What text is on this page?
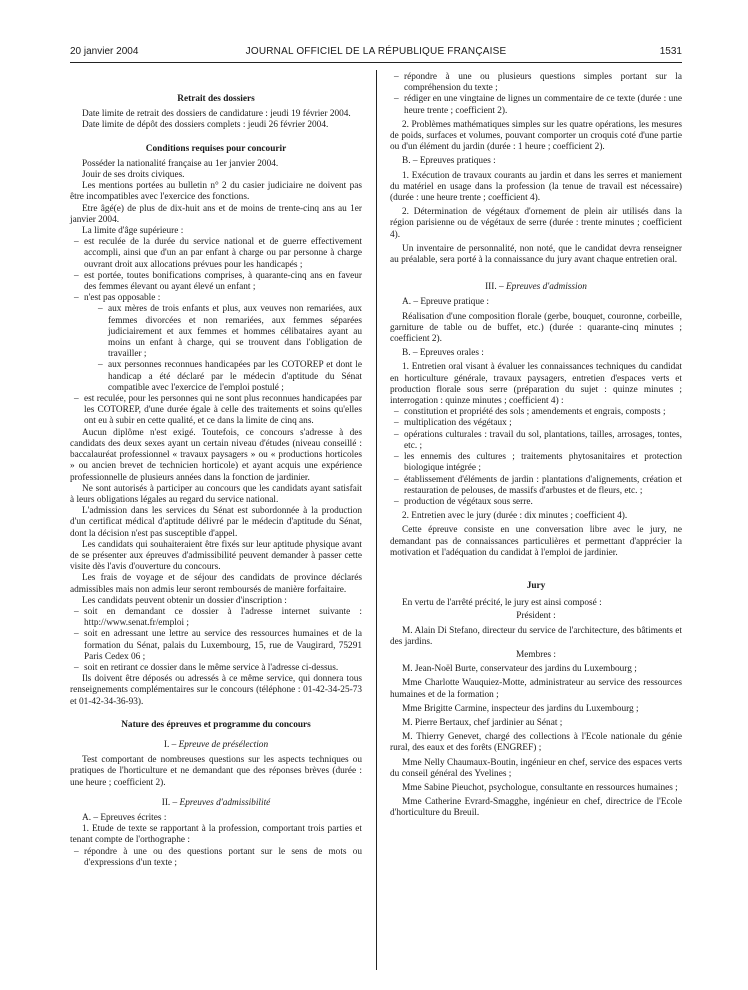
20 janvier 2004	JOURNAL OFFICIEL DE LA RÉPUBLIQUE FRANÇAISE	1531
Retrait des dossiers

Date limite de retrait des dossiers de candidature : jeudi 19 février 2004.

Date limite de dépôt des dossiers complets : jeudi 26 février 2004.

Conditions requises pour concourir

Posséder la nationalité française au 1er janvier 2004.

Jouir de ses droits civiques.

Les mentions portées au bulletin n° 2 du casier judiciaire ne doivent pas être incompatibles avec l'exercice des fonctions.

Etre âgé(e) de plus de dix-huit ans et de moins de trente-cinq ans au 1er janvier 2004.

La limite d'âge supérieure :

– est reculée de la durée du service national et de guerre effectivement accompli, ainsi que d'un an par enfant à charge ou par personne à charge ouvrant droit aux allocations prévues pour les handicapés ;
– est portée, toutes bonifications comprises, à quarante-cinq ans en faveur des femmes élevant ou ayant élevé un enfant ;
– n'est pas opposable :
– aux mères de trois enfants et plus, aux veuves non remariées, aux femmes divorcées et non remariées, aux femmes séparées judiciairement et aux femmes et hommes célibataires ayant au moins un enfant à charge, qui se trouvent dans l'obligation de travailler ;
– aux personnes reconnues handicapées par les COTOREP et dont le handicap a été déclaré par le médecin d'aptitude du Sénat compatible avec l'exercice de l'emploi postulé ;
– est reculée, pour les personnes qui ne sont plus reconnues handicapées par les COTOREP, d'une durée égale à celle des traitements et soins qu'elles ont eu à subir en cette qualité, et ce dans la limite de cinq ans.

Aucun diplôme n'est exigé. Toutefois, ce concours s'adresse à des candidats des deux sexes ayant un certain niveau d'études (niveau conseillé : baccalauréat professionnel « travaux paysagers » ou « productions horticoles » ou ancien brevet de technicien horticole) et ayant acquis une expérience professionnelle de plusieurs années dans la fonction de jardinier.

Ne sont autorisés à participer au concours que les candidats ayant satisfait à leurs obligations légales au regard du service national.

L'admission dans les services du Sénat est subordonnée à la production d'un certificat médical d'aptitude délivré par le médecin d'aptitude du Sénat, dont la décision n'est pas susceptible d'appel.

Les candidats qui souhaiteraient être fixés sur leur aptitude physique avant de se présenter aux épreuves d'admissibilité peuvent demander à passer cette visite dès l'avis d'ouverture du concours.

Les frais de voyage et de séjour des candidats de province déclarés admissibles mais non admis leur seront remboursés de manière forfaitaire.

Les candidats peuvent obtenir un dossier d'inscription :

– soit en demandant ce dossier à l'adresse internet suivante : http://www.senat.fr/emploi ;
– soit en adressant une lettre au service des ressources humaines et de la formation du Sénat, palais du Luxembourg, 15, rue de Vaugirard, 75291 Paris Cedex 06 ;
– soit en retirant ce dossier dans le même service à l'adresse ci-dessus.

Ils doivent être déposés ou adressés à ce même service, qui donnera tous renseignements complémentaires sur le concours (téléphone : 01-42-34-25-73 et 01-42-34-36-93).

Nature des épreuves et programme du concours
I. – Epreuve de présélection

Test comportant de nombreuses questions sur les aspects techniques ou pratiques de l'horticulture et ne demandant que des réponses brèves (durée : une heure ; coefficient 2).

II. – Epreuves d'admissibilité

A. – Epreuves écrites :

1. Etude de texte se rapportant à la profession, comportant trois parties et tenant compte de l'orthographe :

– répondre à une ou des questions portant sur le sens de mots ou d'expressions d'un texte ;
– répondre à une ou plusieurs questions simples portant sur la compréhension du texte ;
– rédiger en une vingtaine de lignes un commentaire de ce texte (durée : une heure trente ; coefficient 2).

2. Problèmes mathématiques simples sur les quatre opérations, les mesures de poids, surfaces et volumes, pouvant comporter un croquis coté d'une partie ou d'un élément du jardin (durée : 1 heure ; coefficient 2).

B. – Epreuves pratiques :

1. Exécution de travaux courants au jardin et dans les serres et maniement du matériel en usage dans la profession (la tenue de travail est nécessaire) (durée : une heure trente ; coefficient 4).

2. Détermination de végétaux d'ornement de plein air utilisés dans la région parisienne ou de végétaux de serre (durée : trente minutes ; coefficient 4).

Un inventaire de personnalité, non noté, que le candidat devra renseigner au préalable, sera porté à la connaissance du jury avant chaque entretien oral.

III. – Epreuves d'admission

A. – Epreuve pratique :

Réalisation d'une composition florale (gerbe, bouquet, couronne, corbeille, garniture de table ou de buffet, etc.) (durée : quarante-cinq minutes ; coefficient 2).

B. – Epreuves orales :

1. Entretien oral visant à évaluer les connaissances techniques du candidat en horticulture générale, travaux paysagers, entretien d'espaces verts et production florale sous serre (préparation du sujet : quinze minutes ; interrogation : quinze minutes ; coefficient 4) :

– constitution et propriété des sols ; amendements et engrais, composts ;
– multiplication des végétaux ;
– opérations culturales : travail du sol, plantations, tailles, arrosages, tontes, etc. ;
– les ennemis des cultures ; traitements phytosanitaires et protection biologique intégrée ;
– établissement d'éléments de jardin : plantations d'alignements, création et restauration de pelouses, de massifs d'arbustes et de fleurs, etc. ;
– production de végétaux sous serre.

2. Entretien avec le jury (durée : dix minutes ; coefficient 4).

Cette épreuve consiste en une conversation libre avec le jury, ne demandant pas de connaissances particulières et permettant d'apprécier la motivation et l'adéquation du candidat à l'emploi de jardinier.

Jury

En vertu de l'arrêté précité, le jury est ainsi composé :

Président :

M. Alain Di Stefano, directeur du service de l'architecture, des bâtiments et des jardins.

Membres :

M. Jean-Noël Burte, conservateur des jardins du Luxembourg ;

Mme Charlotte Wauquiez-Motte, administrateur au service des ressources humaines et de la formation ;

Mme Brigitte Carmine, inspecteur des jardins du Luxembourg ;

M. Pierre Bertaux, chef jardinier au Sénat ;

M. Thierry Genevet, chargé des collections à l'Ecole nationale du génie rural, des eaux et des forêts (ENGREF) ;

Mme Nelly Chaumaux-Boutin, ingénieur en chef, service des espaces verts du conseil général des Yvelines ;

Mme Sabine Pieuchot, psychologue, consultante en ressources humaines ;

Mme Catherine Evrard-Smagghe, ingénieur en chef, directrice de l'Ecole d'horticulture du Breuil.
